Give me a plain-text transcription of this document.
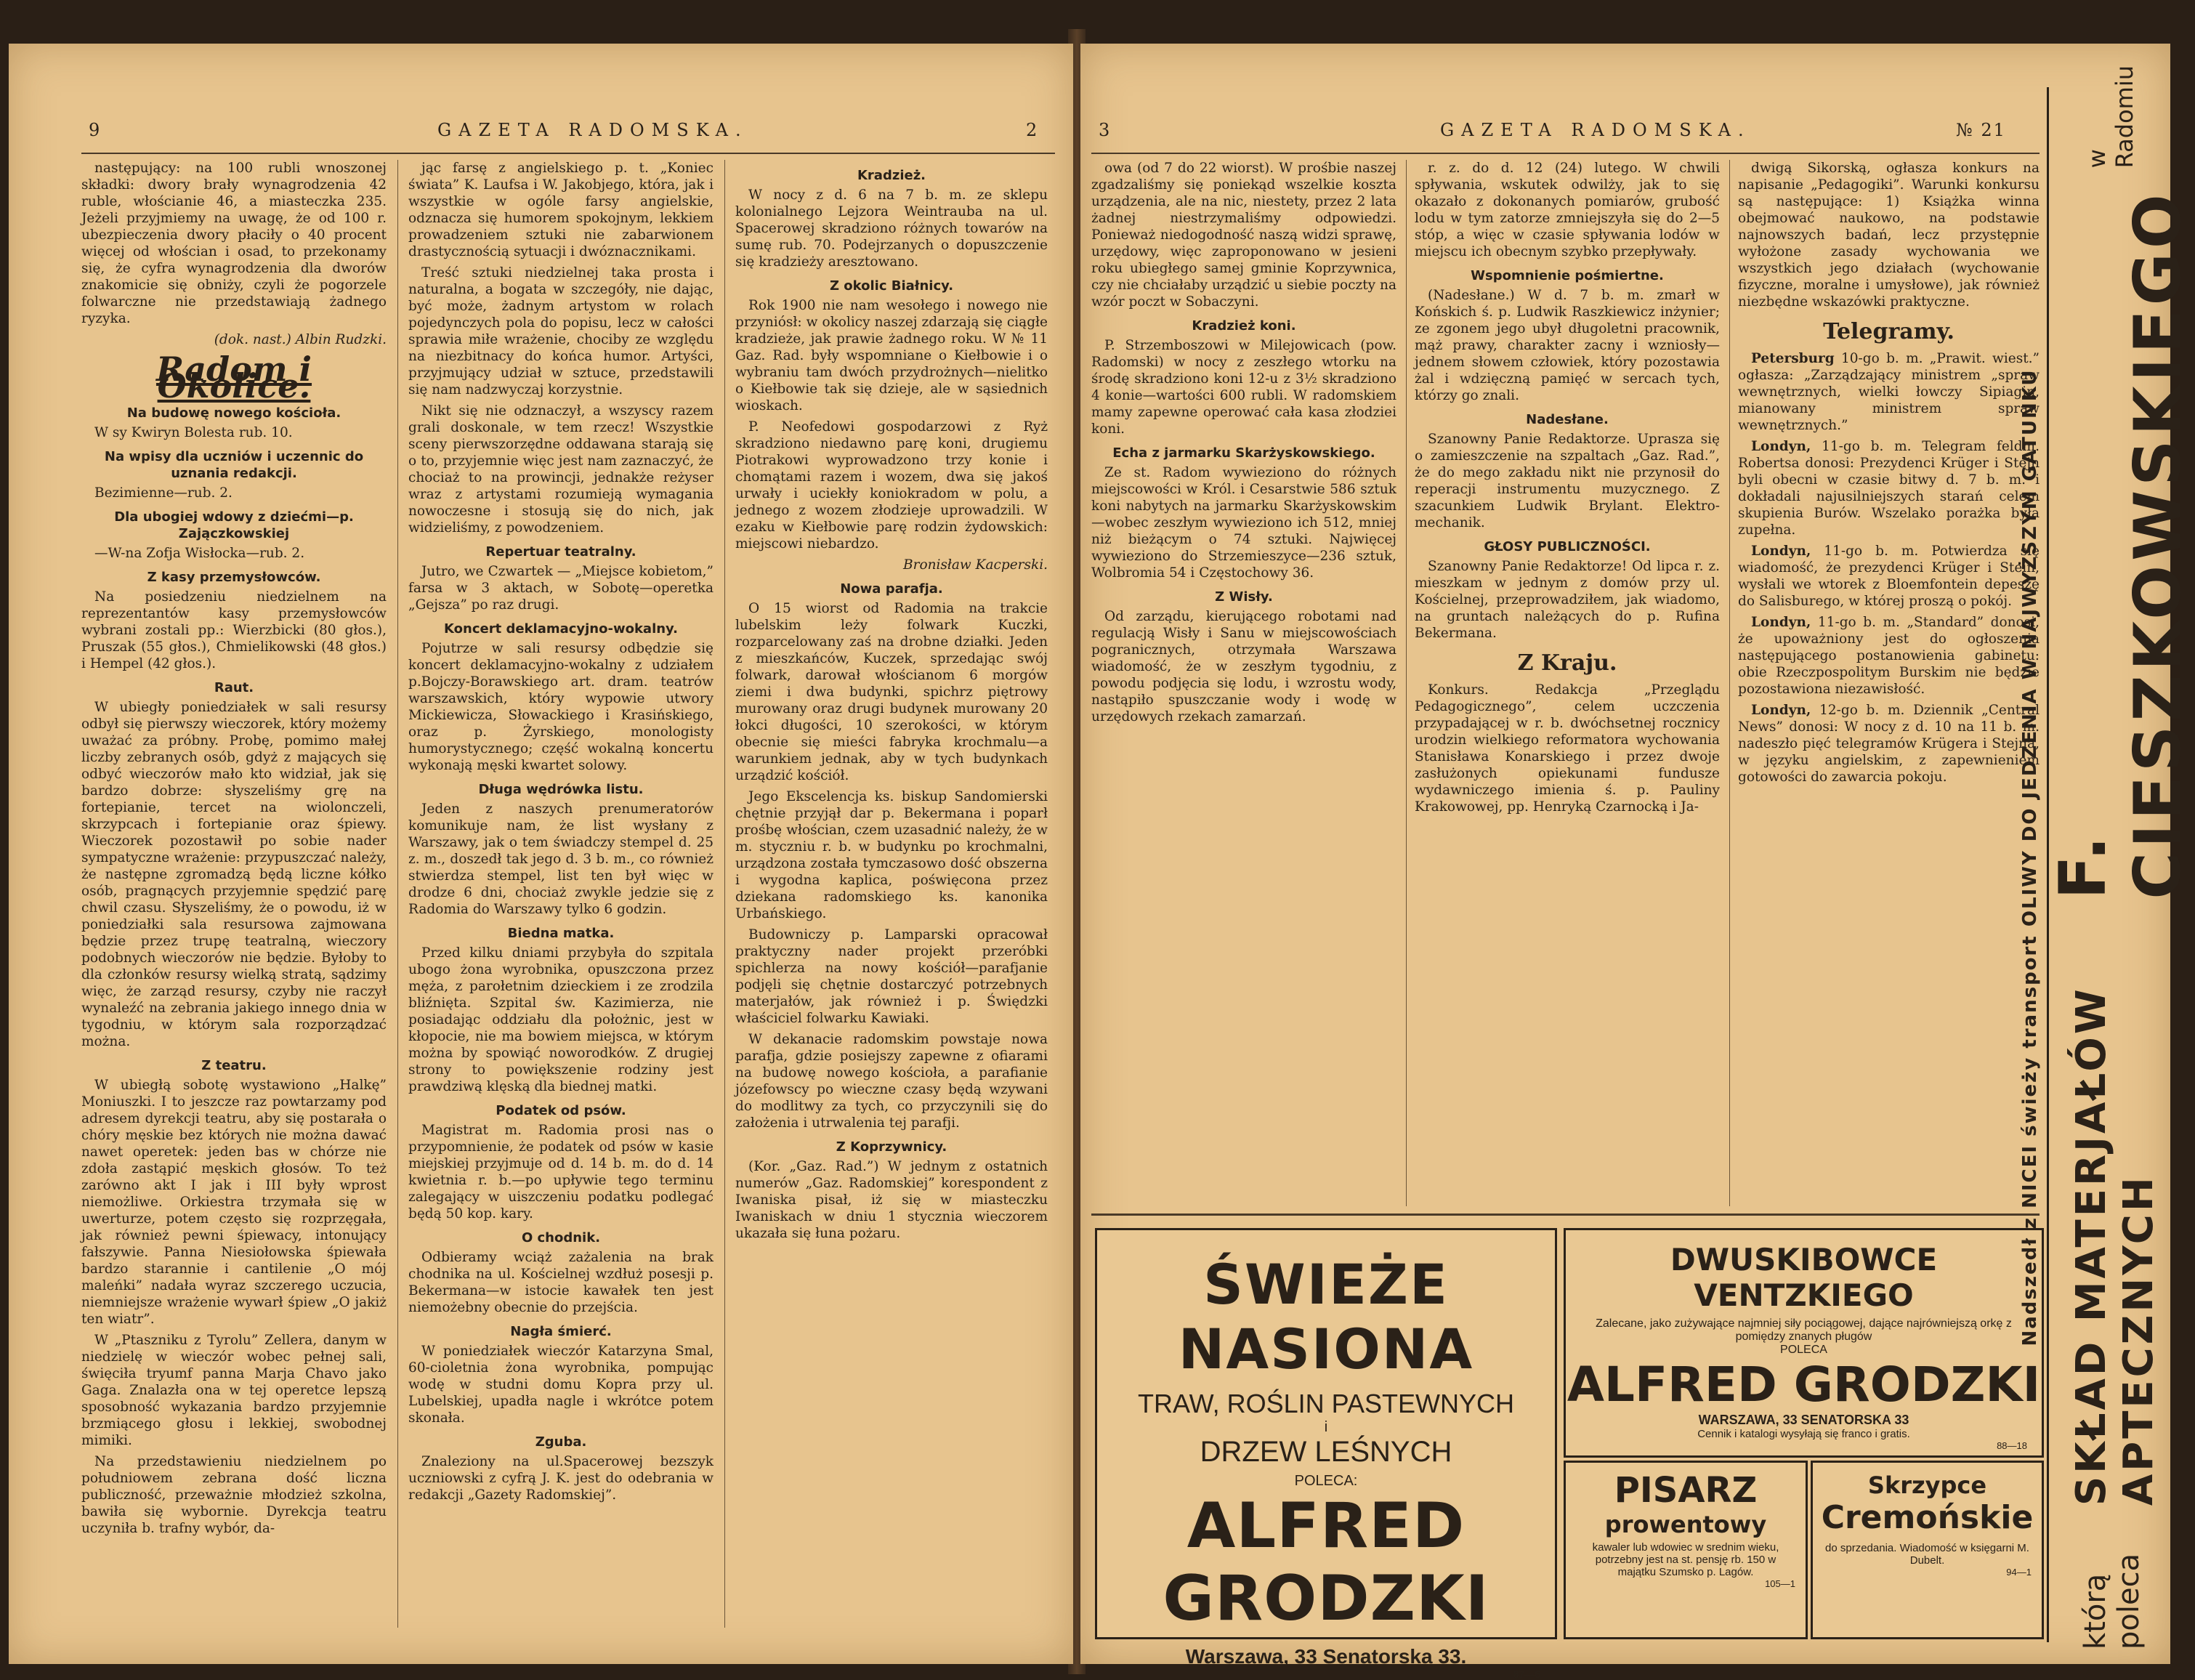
9	GAZETA RADOMSKA.	2

następujący: na 100 rubli wnoszonej składki: dwory brały wynagrodzenia 42 ruble, włościanie 46, a miasteczka 235. Jeżeli przyjmiemy na uwagę, że od 100 r. ubezpieczenia dwory płaciły o 40 procent więcej od włościan i osad, to przekonamy się, że cyfra wynagrodzenia dla dworów znakomicie się obniży, czyli że pogorzele folwarczne nie przedstawiają żadnego ryzyka.

(dok. nast.) Albin Rudzki.

Radom i Okolice.
Na budowę nowego kościoła.

W sy Kwiryn Bolesta rub. 10.

Na wpisy dla uczniów i uczennic do uznania redakcji.

Bezimienne—rub. 2.

Dla ubogiej wdowy z dziećmi—p. Zajączkowskiej

—W-na Zofja Wisłocka—rub. 2.

Z kasy przemysłowców.

Na posiedzeniu niedzielnem na reprezentantów kasy przemysłowców wybrani zostali pp.: Wierzbicki (80 głos.), Pruszak (55 głos.), Chmielikowski (48 głos.) i Hempel (42 głos.).

Raut.

W ubiegły poniedziałek w sali resursy odbył się pierwszy wieczorek, który możemy uważać za próbny. Probę, pomimo małej liczby zebranych osób, gdyż z mających się odbyć wieczorów mało kto widział, jak się bardzo dobrze: słyszeliśmy grę na fortepianie, tercet na wiolonczeli, skrzypcach i fortepianie oraz śpiewy. Wieczorek pozostawił po sobie nader sympatyczne wrażenie: przypuszczać należy, że następne zgromadzą będą liczne kółko osób, pragnących przyjemnie spędzić parę chwil czasu. Słyszeliśmy, że o powodu, iż w poniedziałki sala resursowa zajmowana będzie przez trupę teatralną, wieczory podobnych wieczorów nie będzie. Byłoby to dla członków resursy wielką stratą, sądzimy więc, że zarząd resursy, czyby nie raczył wynaleźć na zebrania jakiego innego dnia w tygodniu, w którym sala rozporządzać można.

Z teatru.

W ubiegłą sobotę wystawiono „Halkę” Moniuszki. I to jeszcze raz powtarzamy pod adresem dyrekcji teatru, aby się postarała o chóry męskie bez których nie można dawać nawet operetek: jeden bas w chórze nie zdoła zastąpić męskich głosów. To też zarówno akt I jak i III były wprost niemożliwe. Orkiestra trzymała się w uwerturze, potem często się rozprzęgała, jak również pewni śpiewacy, intonujący fałszywie. Panna Niesiołowska śpiewała bardzo starannie i cantilenie „O mój maleńki” nadała wyraz szczerego uczucia, niemniejsze wrażenie wywarł śpiew „O jakiż ten wiatr”.

W „Ptaszniku z Tyrolu” Zellera, danym w niedzielę w wieczór wobec pełnej sali, święciła tryumf panna Marja Chavo jako Gaga. Znalazła ona w tej operetce lepszą sposobność wykazania bardzo przyjemnie brzmiącego głosu i lekkiej, swobodnej mimiki.

Na przedstawieniu niedzielnem po południowem zebrana dość liczna publiczność, przeważnie młodzież szkolna, bawiła się wybornie. Dyrekcja teatru uczyniła b. trafny wybór, da-

jąc farsę z angielskiego p. t. „Koniec świata” K. Laufsa i W. Jakobjego, która, jak i wszystkie w ogóle farsy angielskie, odznacza się humorem spokojnym, lekkiem prowadzeniem sztuki nie zabarwionem drastycznością sytuacji i dwóznacznikami.

Treść sztuki niedzielnej taka prosta i naturalna, a bogata w szczegóły, nie dając, być może, żadnym artystom w rolach pojedynczych pola do popisu, lecz w całości sprawia miłe wrażenie, chociby ze względu na niezbitnacy do końca humor. Artyści, przyjmujący udział w sztuce, przedstawili się nam nadzwyczaj korzystnie.

Nikt się nie odznaczył, a wszyscy razem grali doskonale, w tem rzecz! Wszystkie sceny pierwszorzędne oddawana starają się o to, przyjemnie więc jest nam zaznaczyć, że chociaż to na prowincji, jednakże reżyser wraz z artystami rozumieją wymagania nowoczesne i stosują się do nich, jak widzieliśmy, z powodzeniem.

Repertuar teatralny.

Jutro, we Czwartek — „Miejsce kobietom,” farsa w 3 aktach, w Sobotę—operetka „Gejsza” po raz drugi.

Koncert deklamacyjno-wokalny.

Pojutrze w sali resursy odbędzie się koncert deklamacyjno-wokalny z udziałem p.Bojczy-Borawskiego art. dram. teatrów warszawskich, który wypowie utwory Mickiewicza, Słowackiego i Krasińskiego, oraz p. Żyrskiego, monologisty humorystycznego; część wokalną koncertu wykonają męski kwartet solowy.

Długa wędrówka listu.

Jeden z naszych prenumeratorów komunikuje nam, że list wysłany z Warszawy, jak o tem świadczy stempel d. 25 z. m., doszedł tak jego d. 3 b. m., co również stwierdza stempel, list ten był więc w drodze 6 dni, chociaż zwykle jedzie się z Radomia do Warszawy tylko 6 godzin.

Biedna matka.

Przed kilku dniami przybyła do szpitala ubogo żona wyrobnika, opuszczona przez męża, z parołetnim dzieckiem i ze zrodzila bliźnięta. Szpital św. Kazimierza, nie posiadając oddziału dla położnic, jest w kłopocie, nie ma bowiem miejsca, w którym można by spowiąć noworodków. Z drugiej strony to powiększenie rodziny jest prawdziwą klęską dla biednej matki.

Podatek od psów.

Magistrat m. Radomia prosi nas o przypomnienie, że podatek od psów w kasie miejskiej przyjmuje od d. 14 b. m. do d. 14 kwietnia r. b.—po upływie tego terminu zalegający w uiszczeniu podatku podlegać będą 50 kop. kary.

O chodnik.

Odbieramy wciąż zażalenia na brak chodnika na ul. Kościelnej wzdłuż posesji p. Bekermana—w istocie kawałek ten jest niemożebny obecnie do przejścia.

Nagła śmierć.

W poniedziałek wieczór Katarzyna Smal, 60-cioletnia żona wyrobnika, pompując wodę w studni domu Kopra przy ul. Lubelskiej, upadła nagle i wkrótce potem skonała.

Zguba.

Znaleziony na ul.Spacerowej bezszyk uczniowski z cyfrą J. K. jest do odebrania w redakcji „Gazety Radomskiej”.

Kradzież.

W nocy z d. 6 na 7 b. m. ze sklepu kolonialnego Lejzora Weintrauba na ul. Spacerowej skradziono różnych towarów na sumę rub. 70. Podejrzanych o dopuszczenie się kradzieży aresztowano.

Z okolic Białnicy.

Rok 1900 nie nam wesołego i nowego nie przyniósł: w okolicy naszej zdarzają się ciągłe kradzieże, jak prawie żadnego roku. W № 11 Gaz. Rad. były wspomniane o Kiełbowie i o wybraniu tam dwóch przydrożnych—nielitko o Kiełbowie tak się dzieje, ale w sąsiednich wioskach.

P. Neofedowi gospodarzowi z Ryż skradziono niedawno parę koni, drugiemu Piotrakowi wyprowadzono trzy konie i chomątami razem i wozem, dwa się jakoś urwały i uciekły koniokradom w polu, a jednego z wozem złodzieje uprowadzili. W ezaku w Kiełbowie parę rodzin żydowskich: miejscowi niebardzo.

Bronisław Kacperski.

Nowa parafja.

O 15 wiorst od Radomia na trakcie lubelskim leży folwark Kuczki, rozparcelowany zaś na drobne działki. Jeden z mieszkańców, Kuczek, sprzedając swój folwark, darował włościanom 6 morgów ziemi i dwa budynki, spichrz piętrowy murowany oraz drugi budynek murowany 20 łokci długości, 10 szerokości, w którym obecnie się mieści fabryka krochmalu—a warunkiem jednak, aby w tych budynkach urządzić kościół.

Jego Ekscelencja ks. biskup Sandomierski chętnie przyjął dar p. Bekermana i poparł prośbę włościan, czem uzasadnić należy, że w m. styczniu r. b. w budynku po krochmalni, urządzona została tymczasowo dość obszerna i wygodna kaplica, poświęcona przez dziekana radomskiego ks. kanonika Urbańskiego.

Budowniczy p. Lamparski opracował praktyczny nader projekt przeróbki spichlerza na nowy kościół—parafjanie podjęli się chętnie dostarczyć potrzebnych materjałów, jak również i p. Świędzki właściciel folwarku Kawiaki.

W dekanacie radomskim powstaje nowa parafja, gdzie posiejszy zapewne z ofiarami na budowę nowego kościoła, a parafianie józefowscy po wieczne czasy będą wzywani do modlitwy za tych, co przyczynili się do założenia i utrwalenia tej parafji.

Z Koprzywnicy.

(Kor. „Gaz. Rad.”) W jednym z ostatnich numerów „Gaz. Radomskiej” korespondent z Iwaniska pisał, iż się w miasteczku Iwaniskach w dniu 1 stycznia wieczorem ukazała się łuna pożaru.

3	GAZETA RADOMSKA.	№ 21

owa (od 7 do 22 wiorst). W prośbie naszej zgadzaliśmy się poniekąd wszelkie koszta urządzenia, ale na nic, niestety, przez 2 lata żadnej niestrzymaliśmy odpowiedzi. Ponieważ niedogodność naszą widzi sprawę, urzędowy, więc zaproponowano w jesieni roku ubiegłego samej gminie Koprzywnica, czy nie chciałaby urządzić u siebie poczty na wzór poczt w Sobaczyni.

Kradzież koni.

P. Strzemboszowi w Milejowicach (pow. Radomski) w nocy z zeszłego wtorku na środę skradziono koni 12-u z 3½ skradziono 4 konie—wartości 600 rubli. W radomskiem mamy zapewne operować cała kasa złodziei koni.

Echa z jarmarku Skarżyskowskiego.

Ze st. Radom wywieziono do różnych miejscowości w Król. i Cesarstwie 586 sztuk koni nabytych na jarmarku Skarżyskowskim—wobec zeszłym wywieziono ich 512, mniej niż bieżącym o 74 sztuki. Najwięcej wywieziono do Strzemieszyce—236 sztuk, Wolbromia 54 i Częstochowy 36.

Z Wisły.

Od zarządu, kierującego robotami nad regulacją Wisły i Sanu w miejscowościach pogranicznych, otrzymała Warszawa wiadomość, że w zeszłym tygodniu, z powodu podjęcia się lodu, i wzrostu wody, nastąpiło spuszczanie wody i wodę w urzędowych rzekach zamarzań.

r. z. do d. 12 (24) lutego. W chwili spływania, wskutek odwilży, jak to się okazało z dokonanych pomiarów, grubość lodu w tym zatorze zmniejszyła się do 2—5 stóp, a więc w czasie spływania lodów w miejscu ich obecnym szybko przepływały.

Wspomnienie pośmiertne.

(Nadesłane.) W d. 7 b. m. zmarł w Końskich ś. p. Ludwik Raszkiewicz inżynier; ze zgonem jego ubył długoletni pracownik, mąż prawy, charakter zacny i wzniosły—jednem słowem człowiek, który pozostawia żal i wdzięczną pamięć w sercach tych, którzy go znali.

Nadesłane.

Szanowny Panie Redaktorze. Uprasza się o zamieszczenie na szpaltach „Gaz. Rad.”, że do mego zakładu nikt nie przynosił do reperacji instrumentu muzycznego. Z szacunkiem Ludwik Brylant. Elektro-mechanik.

GŁOSY PUBLICZNOŚCI.

Szanowny Panie Redaktorze! Od lipca r. z. mieszkam w jednym z domów przy ul. Kościelnej, przeprowadziłem, jak wiadomo, na gruntach należących do p. Rufina Bekermana.

Z Kraju.

Konkurs. Redakcja „Przeglądu Pedagogicznego”, celem uczczenia przypadającej w r. b. dwóchsetnej rocznicy urodzin wielkiego reformatora wychowania Stanisława Konarskiego i przez dwoje zasłużonych opiekunami fundusze wydawniczego imienia ś. p. Pauliny Krakowowej, pp. Henryką Czarnocką i Ja-

dwigą Sikorską, ogłasza konkurs na napisanie „Pedagogiki”. Warunki konkursu są następujące: 1) Książka winna obejmować naukowo, na podstawie najnowszych badań, lecz przystępnie wyłożone zasady wychowania we wszystkich jego działach (wychowanie fizyczne, moralne i umysłowe), jak również niezbędne wskazówki praktyczne.

Telegramy.

Petersburg 10-go b. m. „Prawit. wiest.” ogłasza: „Zarządzający ministrem „spraw wewnętrznych, wielki łowczy Sipiagin, mianowany ministrem spraw wewnętrznych.”

Londyn, 11-go b. m. Telegram feldm. Robertsa donosi: Prezydenci Krüger i Stejn byli obecni w czasie bitwy d. 7 b. m. i dokładali najusilniejszych starań celem skupienia Burów. Wszelako porażka była zupełna.

Londyn, 11-go b. m. Potwierdza się wiadomość, że prezydenci Krüger i Stein, wysłali we wtorek z Bloemfontein depeszę do Salisburego, w której proszą o pokój.

Londyn, 11-go b. m. „Standard” donosi, że upoważniony jest do ogłoszenia następującego postanowienia gabinetu: obie Rzeczpospolitym Burskim nie będzie pozostawiona niezawisłość.

Londyn, 12-go b. m. Dziennik „Central News” donosi: W nocy z d. 10 na 11 b. m. nadeszło pięć telegramów Krügera i Stejna, w języku angielskim, z zapewnieniem gotowości do zawarcia pokoju.

ŚWIEŻE NASIONA
TRAW, ROŚLIN PASTEWNYCH
i
DRZEW LEŚNYCH
POLECA:
ALFRED GRODZKI
Warszawa, 33 Senatorska 33.
87—6
DWUSKIBOWCE VENTZKIEGO
Zalecane, jako zużywające najmniej siły pociągowej, dające najrówniejszą orkę z pomiędzy znanych pługów
POLECA
ALFRED GRODZKI
WARSZAWA, 33 SENATORSKA 33
Cennik i katalogi wysyłają się franco i gratis.
88—18
PISARZ
prowentowy
kawaler lub wdowiec w srednim wieku, potrzebny jest na st. pensję rb. 150 w majątku Szumsko p. Lagów.
105—1
Skrzypce
Cremońskie
do sprzedania. Wiadomość w księgarni M. Dubelt.
94—1
Nadszedł z NICEI świeży transport OLIWY DO JEDZENIA W NAJWYŻSZYM GATUNKU
którą poleca
SKŁAD MATERJAŁÓW APTECZNYCH
F. CIESZKOWSKIEGO
w Radomiu
